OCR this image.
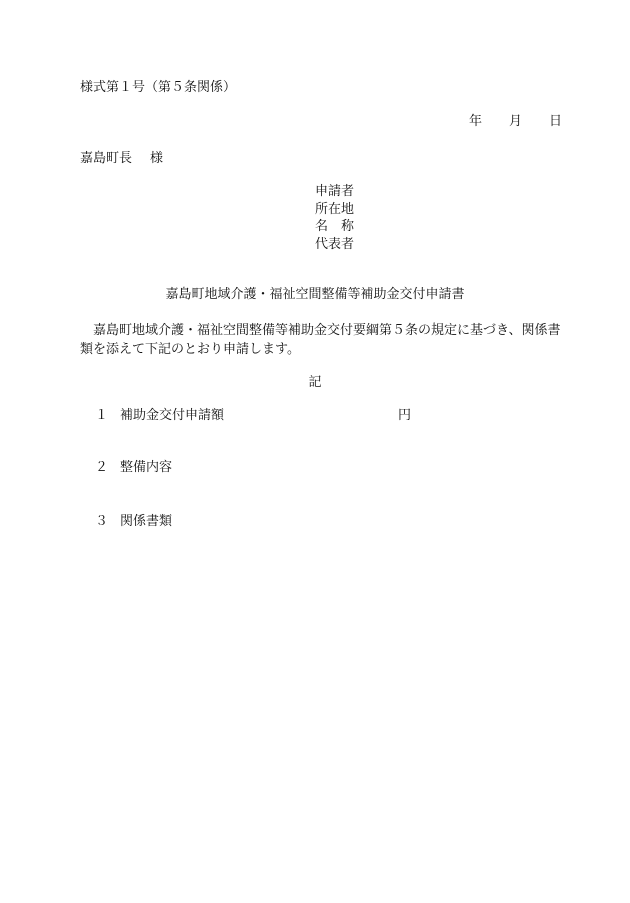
様式第１号（第５条関係）
年 月 日
嘉島町長 様
申請者
所在地
名 称
代表者
嘉島町地域介護・福祉空間整備等補助金交付申請書
嘉島町地域介護・福祉空間整備等補助金交付要綱第５条の規定に基づき、関係書類を添えて下記のとおり申請します。
記
１ 補助金交付申請額	円
２ 整備内容
３ 関係書類
